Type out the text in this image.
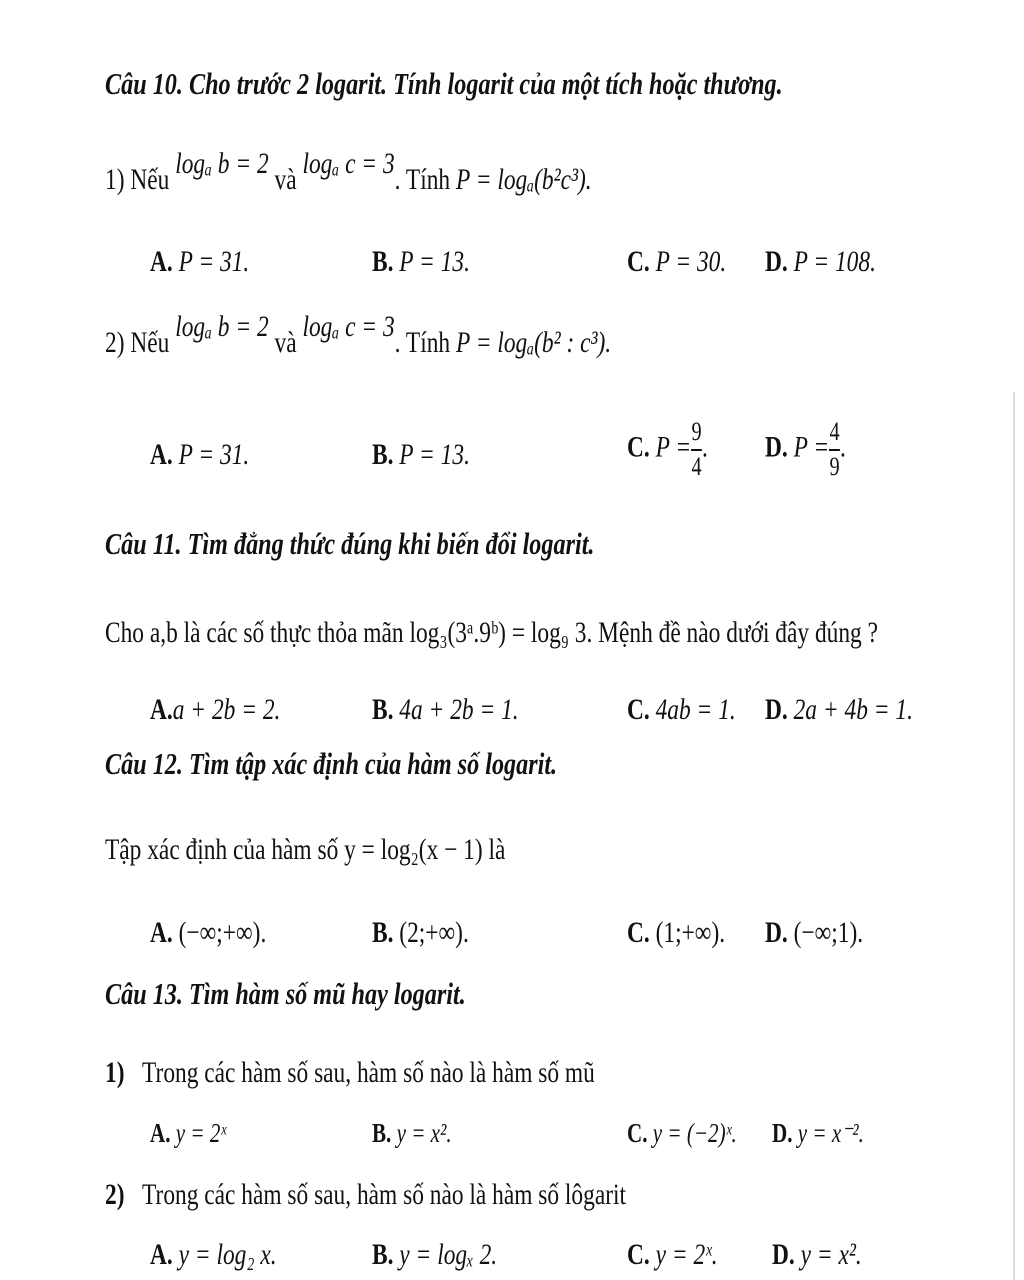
Câu 10. Cho trước 2 logarit. Tính logarit của một tích hoặc thương.
1) Nếu logₐ b = 2 và logₐ c = 3. Tính P = logₐ(b²c³).
A. P = 31.	B. P = 13.	C. P = 30. D. P = 108.
2) Nếu logₐ b = 2 và logₐ c = 3. Tính P = logₐ(b² : c³).
A. P = 31.	B. P = 13.	C. $P = \frac{9}{4}$ . D. $P = \frac{4}{9}$ .
Câu 11. Tìm đẳng thức đúng khi biến đổi logarit.
Cho a,b là các số thực thỏa mãn log₃(3ᵃ.9ᵇ) = log₉ 3. Mệnh đề nào dưới đây đúng ?
A.a + 2b = 2.	B. 4a + 2b = 1.	C. 4ab = 1. D. 2a + 4b = 1.
Câu 12. Tìm tập xác định của hàm số logarit.
Tập xác định của hàm số y = log₂(x − 1) là
A. (−∞;+∞).	B. (2;+∞).	C. (1;+∞). D. (−∞;1).
Câu 13. Tìm hàm số mũ hay logarit.
1) Trong các hàm số sau, hàm số nào là hàm số mũ
A. y = 2ˣ	B. y = x².	C. y = (−2)ˣ. D. y = x⁻².
2) Trong các hàm số sau, hàm số nào là hàm số lôgarit
A. y = log₂ x.	B. y = logₓ 2.	C. y = 2ˣ. D. y = x².
